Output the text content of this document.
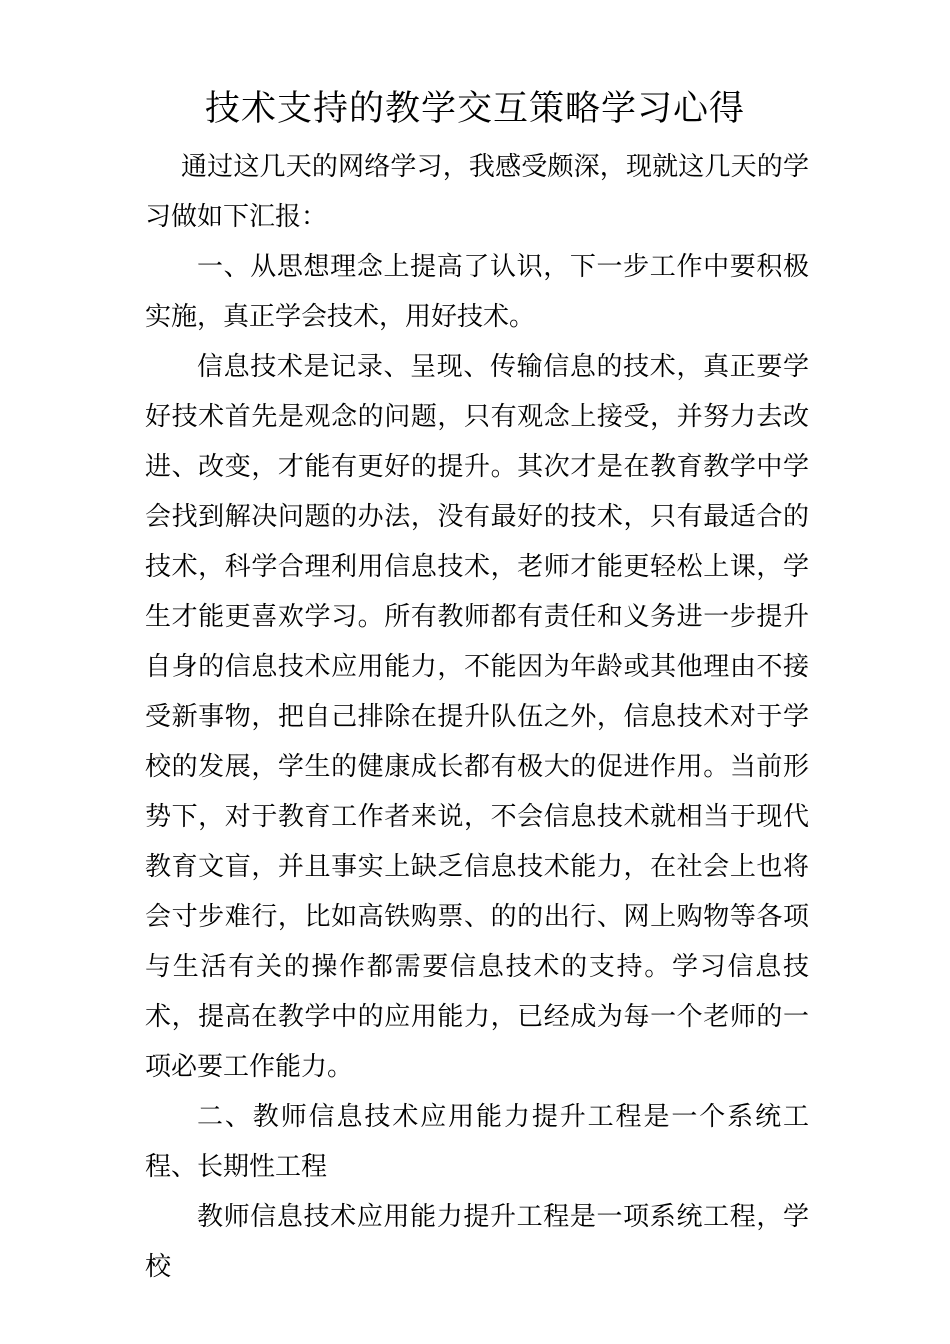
技术支持的教学交互策略学习心得

通过这几天的网络学习，我感受颇深，现就这几天的学习做如下汇报：

一、从思想理念上提高了认识，下一步工作中要积极实施，真正学会技术，用好技术。

信息技术是记录、呈现、传输信息的技术，真正要学好技术首先是观念的问题，只有观念上接受，并努力去改进、改变，才能有更好的提升。其次才是在教育教学中学会找到解决问题的办法，没有最好的技术，只有最适合的技术，科学合理利用信息技术，老师才能更轻松上课，学生才能更喜欢学习。所有教师都有责任和义务进一步提升自身的信息技术应用能力，不能因为年龄或其他理由不接受新事物，把自己排除在提升队伍之外，信息技术对于学校的发展，学生的健康成长都有极大的促进作用。当前形势下，对于教育工作者来说，不会信息技术就相当于现代教育文盲，并且事实上缺乏信息技术能力，在社会上也将会寸步难行，比如高铁购票、的的出行、网上购物等各项与生活有关的操作都需要信息技术的支持。学习信息技术，提高在教学中的应用能力，已经成为每一个老师的一项必要工作能力。

二、教师信息技术应用能力提升工程是一个系统工程、长期性工程

教师信息技术应用能力提升工程是一项系统工程，学校
